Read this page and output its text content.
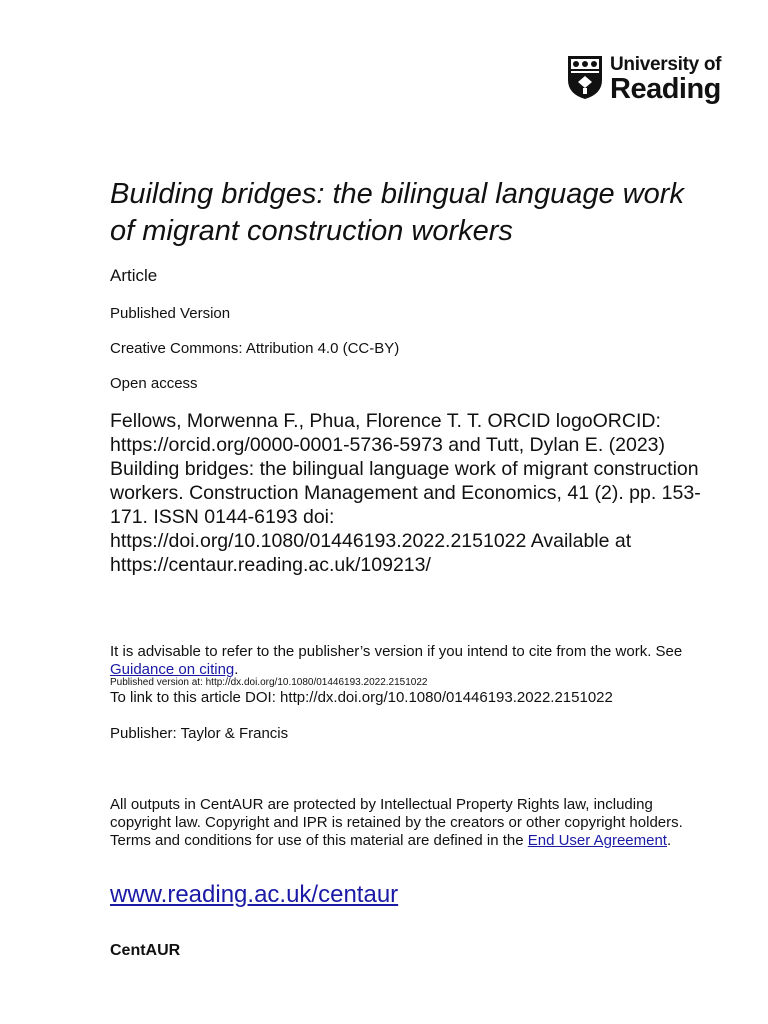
University of
Reading
Building bridges: the bilingual language work of migrant construction workers
Article
Published Version
Creative Commons: Attribution 4.0 (CC-BY)
Open access
Fellows, Morwenna F., Phua, Florence T. T. ORCID logoORCID: https://orcid.org/0000-0001-5736-5973 and Tutt, Dylan E. (2023) Building bridges: the bilingual language work of migrant construction workers. Construction Management and Economics, 41 (2). pp. 153-171. ISSN 0144-6193 doi: https://doi.org/10.1080/01446193.2022.2151022 Available at https://centaur.reading.ac.uk/109213/
It is advisable to refer to the publisher’s version if you intend to cite from the work. See Guidance on citing.
Published version at: http://dx.doi.org/10.1080/01446193.2022.2151022
To link to this article DOI: http://dx.doi.org/10.1080/01446193.2022.2151022
Publisher: Taylor & Francis
All outputs in CentAUR are protected by Intellectual Property Rights law, including copyright law. Copyright and IPR is retained by the creators or other copyright holders. Terms and conditions for use of this material are defined in the End User Agreement.
www.reading.ac.uk/centaur
CentAUR
